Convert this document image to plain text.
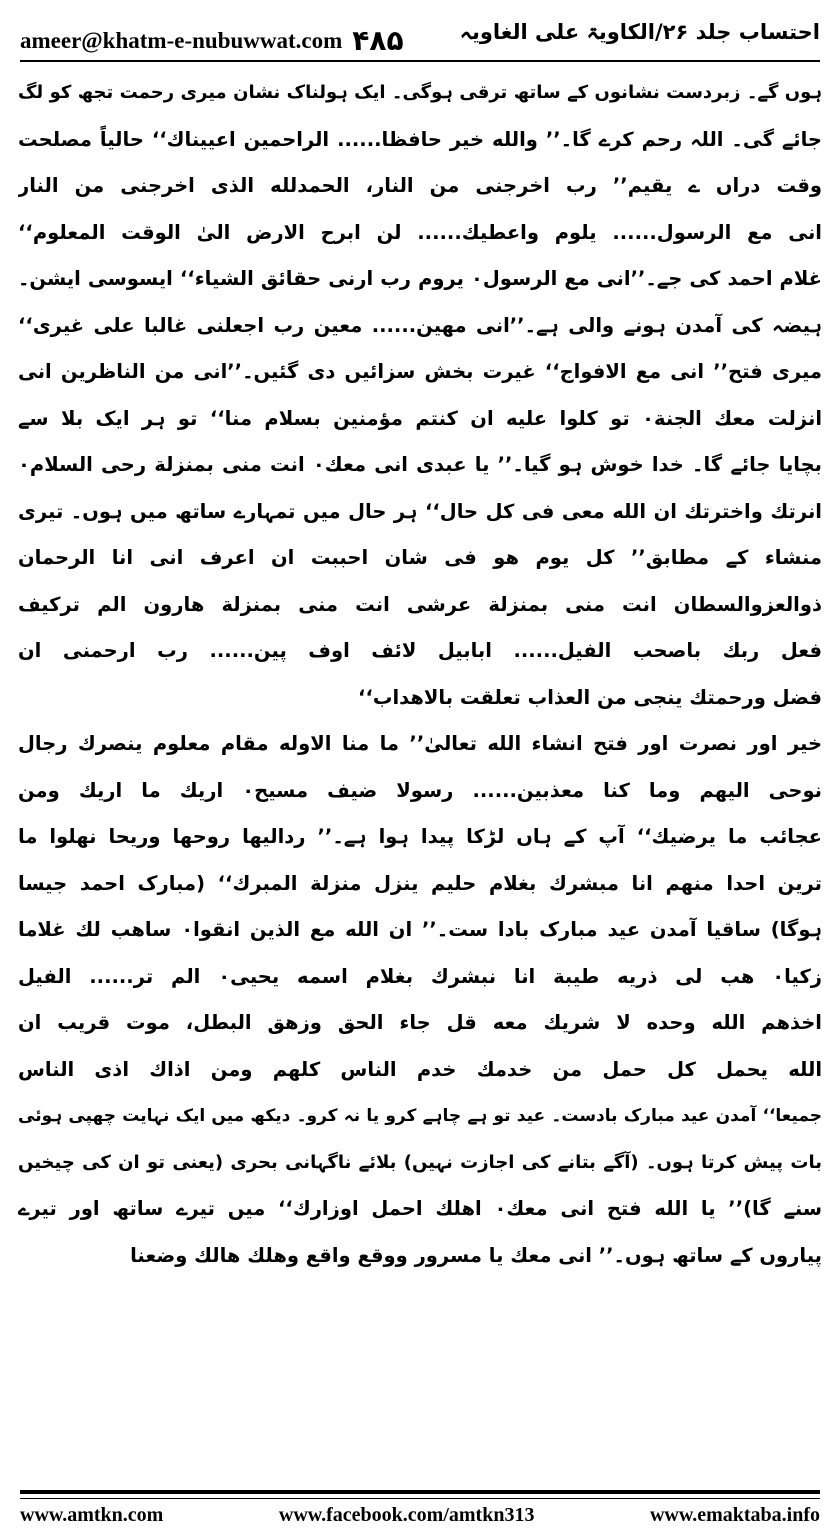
ameer@khatm-e-nubuwwat.com ۴۸۵	احتساب جلد ۲۶/الکاویۃ علی الغاویہ
ہوں گے۔ زبردست نشانوں کے ساتھ ترقی ہوگی۔ ایک ہولناک نشان میری رحمت تجھ کو لگ
جائے گی۔ اللہ رحم کرے گا۔’’ والله خیر حافظا...... الراحمین اعییناك‘‘ حالیاً مصلحت
وقت دراں ے یقیم’’ رب اخرجنی من النار، الحمدلله الذی اخرجنی من النار
انی مع الرسول...... یلوم واعطیك...... لن ابرح الارض الیٰ الوقت المعلوم‘‘
غلام احمد کی جے۔’’انی مع الرسول۰ یروم رب ارنی حقائق الشیاء‘‘ ایسوسی ایشن۔
ہیضہ کی آمدن ہونے والی ہے۔’’انی مهین...... معین رب اجعلنی غالبا علی غیری‘‘
میری فتح’’ انی مع الافواج‘‘ غیرت بخش سزائیں دی گئیں۔’’انی من الناظرین انی
انزلت معك الجنة۰ تو کلوا علیه ان کنتم مؤمنین بسلام منا‘‘ تو ہر ایک بلا سے
بچایا جائے گا۔ خدا خوش ہو گیا۔’’ یا عبدی انی معك۰ انت منی بمنزلة رحی السلام۰
انرتك واخترتك ان الله معی فی کل حال‘‘ ہر حال میں تمہارے ساتھ میں ہوں۔ تیری
منشاء کے مطابق’’ کل یوم هو فی شان احببت ان اعرف انی انا الرحمان
ذوالعزوالسطان انت منی بمنزلة عرشی انت منی بمنزلة هارون الم ترکیف
فعل ربك باصحب الفیل...... ابابیل لائف اوف پین...... رب ارحمنی ان
فضل ورحمتك ینجی من العذاب تعلقت بالاهداب‘‘
خیر اور نصرت اور فتح انشاء الله تعالیٰ’’ ما منا الاوله مقام معلوم ینصرك رجال
نوحی الیهم وما کنا معذبین...... رسولا ضیف مسیح۰ اریك ما اریك ومن
عجائب ما یرضیك‘‘ آپ کے ہاں لڑکا پیدا ہوا ہے۔’’ ردالیها روحها وریحا نهلوا ما
ترین احدا منهم انا مبشرك بغلام حلیم ینزل منزلة المبرك‘‘ (مبارک احمد جیسا
ہوگا) ساقیا آمدن عید مبارک بادا ست۔’’ ان الله مع الذین انقوا۰ ساهب لك غلاما
زکیا۰ هب لی ذریه طیبة انا نبشرك بغلام اسمه یحیی۰ الم تر...... الفیل
اخذهم الله وحده لا شریك معه قل جاء الحق وزهق البطل، موت قریب ان
الله یحمل کل حمل من خدمك خدم الناس کلهم ومن اذاك اذی الناس
جمیعا‘‘ آمدن عید مبارک بادست۔ عید تو ہے چاہے کرو یا نہ کرو۔ دیکھ میں ایک نہایت چھپی ہوئی
بات پیش کرتا ہوں۔ (آگے بتانے کی اجازت نہیں) بلائے ناگہانی بحری (یعنی تو ان کی چیخیں
سنے گا)’’ یا الله فتح انی معك۰ اهلك احمل اوزارك‘‘ میں تیرے ساتھ اور تیرے
پیاروں کے ساتھ ہوں۔’’ انی معك یا مسرور ووقع واقع وهلك هالك وضعنا
www.amtkn.com	www.facebook.com/amtkn313	www.emaktaba.info
